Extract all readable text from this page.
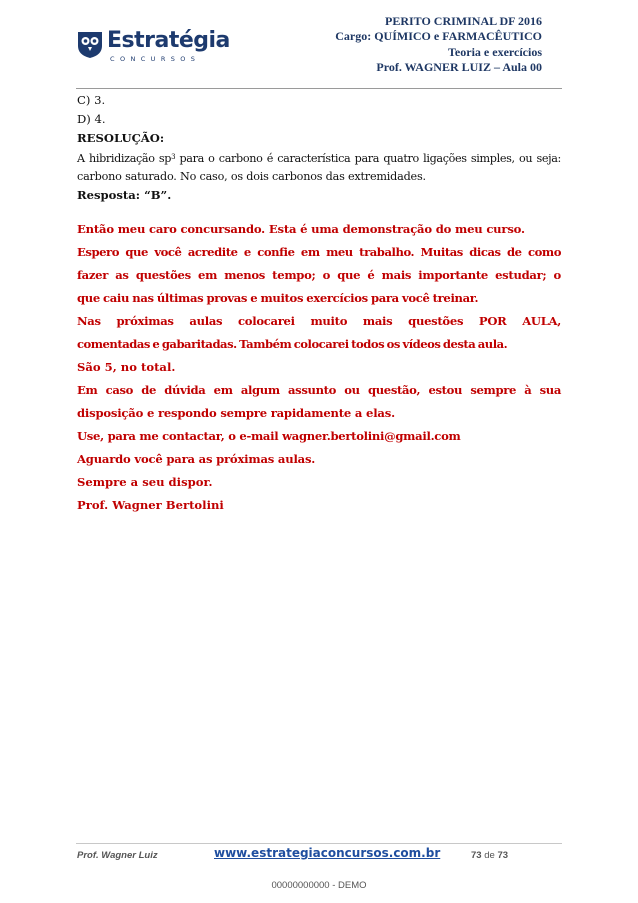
Estratégia
CONCURSOS
PERITO CRIMINAL DF 2016
Cargo: QUÍMICO e FARMACÊUTICO
Teoria e exercícios
Prof. WAGNER LUIZ – Aula 00
C) 3.
D) 4.
RESOLUÇÃO:
A hibridização $sp^3$ para o carbono é característica para quatro ligações simples, ou seja:
carbono saturado. No caso, os dois carbonos das extremidades.
Resposta: “B”.
Então meu caro concursando. Esta é uma demonstração do meu curso.
Espero que você acredite e confie em meu trabalho. Muitas dicas de como
fazer as questões em menos tempo; o que é mais importante estudar; o
que caiu nas últimas provas e muitos exercícios para você treinar.
Nas próximas aulas colocarei muito mais questões POR AULA,
comentadas e gabaritadas. Também colocarei todos os vídeos desta aula.
São 5, no total.
Em caso de dúvida em algum assunto ou questão, estou sempre à sua
disposição e respondo sempre rapidamente a elas.
Use, para me contactar, o e-mail wagner.bertolini@gmail.com
Aguardo você para as próximas aulas.
Sempre a seu dispor.
Prof. Wagner Bertolini
Prof. Wagner Luiz	www.estrategiaconcursos.com.br	73 de 73
00000000000 - DEMO
